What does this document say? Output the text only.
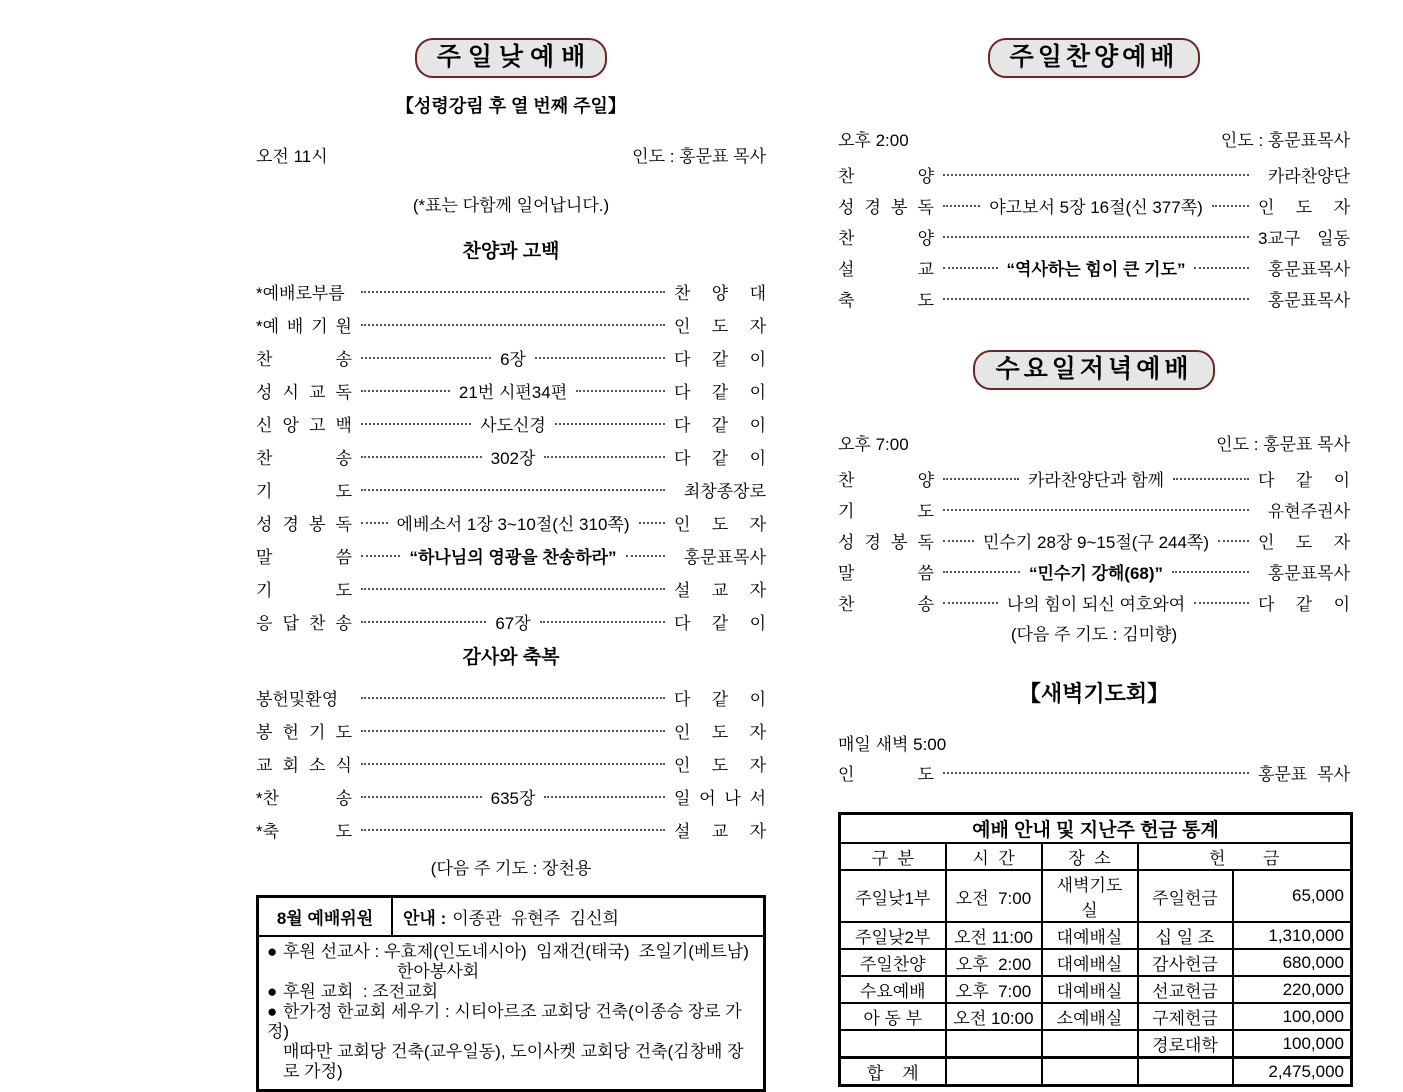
주 일 낮 예 배
【성령강림 후 열 번째 주일】
오전 11시	인도 : 홍문표 목사
(*표는 다함께 일어납니다.)
찬양과 고백
*예배로부름	찬 양 대
*예 배 기 원	인 도 자
찬	송	6장	다 같 이
성 시 교 독	21번 시편34편	다 같 이
신 앙 고 백	사도신경	다 같 이
찬	송	302장	다 같 이
기	도	최창종장로
성 경 봉 독	에베소서 1장 3~10절(신 310쪽)	인 도 자
말	씀	“하나님의 영광을 찬송하라”	홍문표목사
기	도	설 교 자
응 답 찬 송	67장	다 같 이
감사와 축복
봉헌및환영	다 같 이
봉 헌 기 도	인 도 자
교 회 소 식	인 도 자
*찬	송	635장	일 어 나 서
*축	도	설 교 자
(다음 주 기도 : 장천용
8월 예배위원	안내 : 이종관  유현주  김신희
● 후원 선교사 : 우효제(인도네시아)  임재건(태국)  조일기(베트남)
한아봉사회
● 후원 교회  : 조전교회
● 한가정 한교회 세우기 : 시티아르조 교회당 건축(이종승 장로 가정)
매따만 교회당 건축(교우일동), 도이사켓 교회당 건축(김창배 장로 가정)
주일찬양예배
오후 2:00	인도 : 홍문표목사
찬	양	카라찬양단
성 경 봉 독	야고보서 5장 16절(신 377쪽)	인 도 자
찬	양	3교구 일동
설	교	“역사하는 힘이 큰 기도”	홍문표목사
축	도	홍문표목사
수요일저녁예배
오후 7:00	인도 : 홍문표 목사
찬	양	카라찬양단과 함께	다 같 이
기	도	유현주권사
성 경 봉 독	민수기 28장 9~15절(구 244쪽)	인 도 자
말	씀	“민수기 강해(68)”	홍문표목사
찬	송	나의 힘이 되신 여호와여	다 같 이
(다음 주 기도 : 김미향)
【새벽기도회】
매일 새벽 5:00
인	도	홍문표 목사
예배 안내 및 지난주 헌금 통계				
구  분	시  간	장  소	헌        금	
주일낮1부	오전  7:00	새벽기도실	주일헌금	65,000
주일낮2부	오전 11:00	대예배실	십 일 조	1,310,000
주일찬양	오후  2:00	대예배실	감사헌금	680,000
수요예배	오후  7:00	대예배실	선교헌금	220,000
아 동 부	오전 10:00	소예배실	구제헌금	100,000
			경로대학	100,000
합    계				2,475,000
